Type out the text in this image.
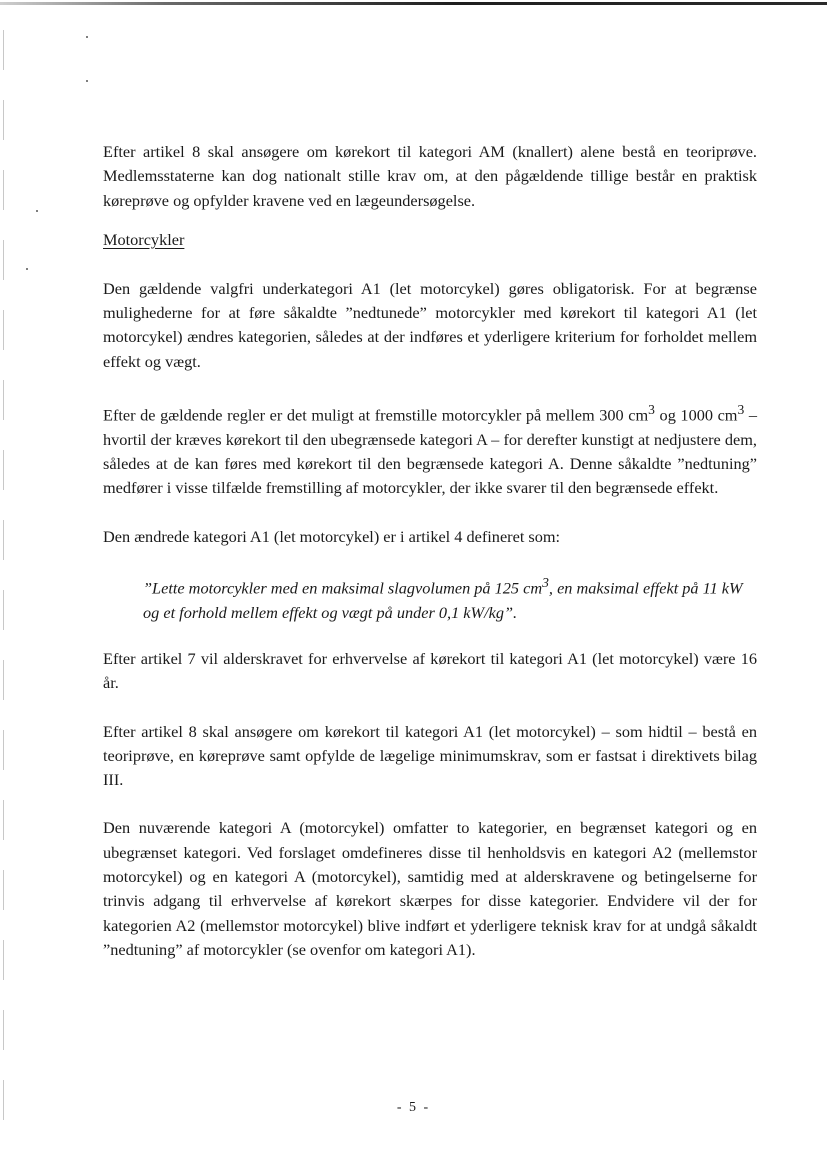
Efter artikel 8 skal ansøgere om kørekort til kategori AM (knallert) alene bestå en teoriprøve. Medlemsstaterne kan dog nationalt stille krav om, at den pågældende tillige består en praktisk køreprøve og opfylder kravene ved en lægeundersøgelse.

Motorcykler

Den gældende valgfri underkategori A1 (let motorcykel) gøres obligatorisk. For at begrænse mulighederne for at føre såkaldte ”nedtunede” motorcykler med kørekort til kategori A1 (let motorcykel) ændres kategorien, således at der indføres et yderligere kriterium for forholdet mellem effekt og vægt.

Efter de gældende regler er det muligt at fremstille motorcykler på mellem 300 $cm^3$ og 1000 $cm^3$ – hvortil der kræves kørekort til den ubegrænsede kategori A – for derefter kunstigt at nedjustere dem, således at de kan føres med kørekort til den begrænsede kategori A. Denne såkaldte ”nedtuning” medfører i visse tilfælde fremstilling af motorcykler, der ikke svarer til den begrænsede effekt.

Den ændrede kategori A1 (let motorcykel) er i artikel 4 defineret som:

”Lette motorcykler med en maksimal slagvolumen på 125 $cm^3$, en maksimal effekt på 11 kW og et forhold mellem effekt og vægt på under 0,1 kW/kg”.

Efter artikel 7 vil alderskravet for erhvervelse af kørekort til kategori A1 (let motorcykel) være 16 år.

Efter artikel 8 skal ansøgere om kørekort til kategori A1 (let motorcykel) – som hidtil – bestå en teoriprøve, en køreprøve samt opfylde de lægelige minimumskrav, som er fastsat i direktivets bilag III.

Den nuværende kategori A (motorcykel) omfatter to kategorier, en begrænset kategori og en ubegrænset kategori. Ved forslaget omdefineres disse til henholdsvis en kategori A2 (mellemstor motorcykel) og en kategori A (motorcykel), samtidig med at alderskravene og betingelserne for trinvis adgang til erhvervelse af kørekort skærpes for disse kategorier. Endvidere vil der for kategorien A2 (mellemstor motorcykel) blive indført et yderligere teknisk krav for at undgå såkaldt ”nedtuning” af motorcykler (se ovenfor om kategori A1).

- 5 -
